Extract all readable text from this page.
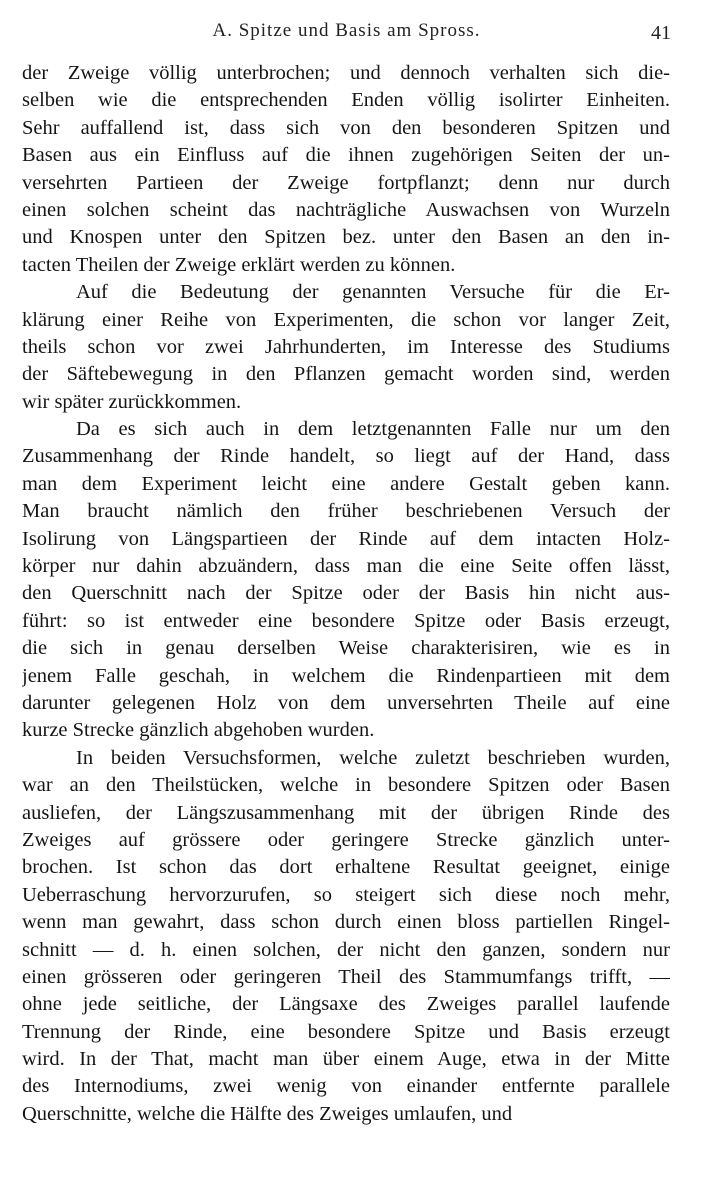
A. Spitze und Basis am Spross.	41
der Zweige völlig unterbrochen; und dennoch verhalten sich die-
selben wie die entsprechenden Enden völlig isolirter Einheiten.
Sehr auffallend ist, dass sich von den besonderen Spitzen und
Basen aus ein Einfluss auf die ihnen zugehörigen Seiten der un-
versehrten Partieen der Zweige fortpflanzt; denn nur durch
einen solchen scheint das nachträgliche Auswachsen von Wurzeln
und Knospen unter den Spitzen bez. unter den Basen an den in-
tacten Theilen der Zweige erklärt werden zu können.
Auf die Bedeutung der genannten Versuche für die Er-
klärung einer Reihe von Experimenten, die schon vor langer Zeit,
theils schon vor zwei Jahrhunderten, im Interesse des Studiums
der Säftebewegung in den Pflanzen gemacht worden sind, werden
wir später zurückkommen.
Da es sich auch in dem letztgenannten Falle nur um den
Zusammenhang der Rinde handelt, so liegt auf der Hand, dass
man dem Experiment leicht eine andere Gestalt geben kann.
Man braucht nämlich den früher beschriebenen Versuch der
Isolirung von Längspartieen der Rinde auf dem intacten Holz-
körper nur dahin abzuändern, dass man die eine Seite offen lässt,
den Querschnitt nach der Spitze oder der Basis hin nicht aus-
führt: so ist entweder eine besondere Spitze oder Basis erzeugt,
die sich in genau derselben Weise charakterisiren, wie es in
jenem Falle geschah, in welchem die Rindenpartieen mit dem
darunter gelegenen Holz von dem unversehrten Theile auf eine
kurze Strecke gänzlich abgehoben wurden.
In beiden Versuchsformen, welche zuletzt beschrieben wurden,
war an den Theilstücken, welche in besondere Spitzen oder Basen
ausliefen, der Längszusammenhang mit der übrigen Rinde des
Zweiges auf grössere oder geringere Strecke gänzlich unter-
brochen. Ist schon das dort erhaltene Resultat geeignet, einige
Ueberraschung hervorzurufen, so steigert sich diese noch mehr,
wenn man gewahrt, dass schon durch einen bloss partiellen Ringel-
schnitt — d. h. einen solchen, der nicht den ganzen, sondern nur
einen grösseren oder geringeren Theil des Stammumfangs trifft, —
ohne jede seitliche, der Längsaxe des Zweiges parallel laufende
Trennung der Rinde, eine besondere Spitze und Basis erzeugt
wird. In der That, macht man über einem Auge, etwa in der Mitte
des Internodiums, zwei wenig von einander entfernte parallele
Querschnitte, welche die Hälfte des Zweiges umlaufen, und
